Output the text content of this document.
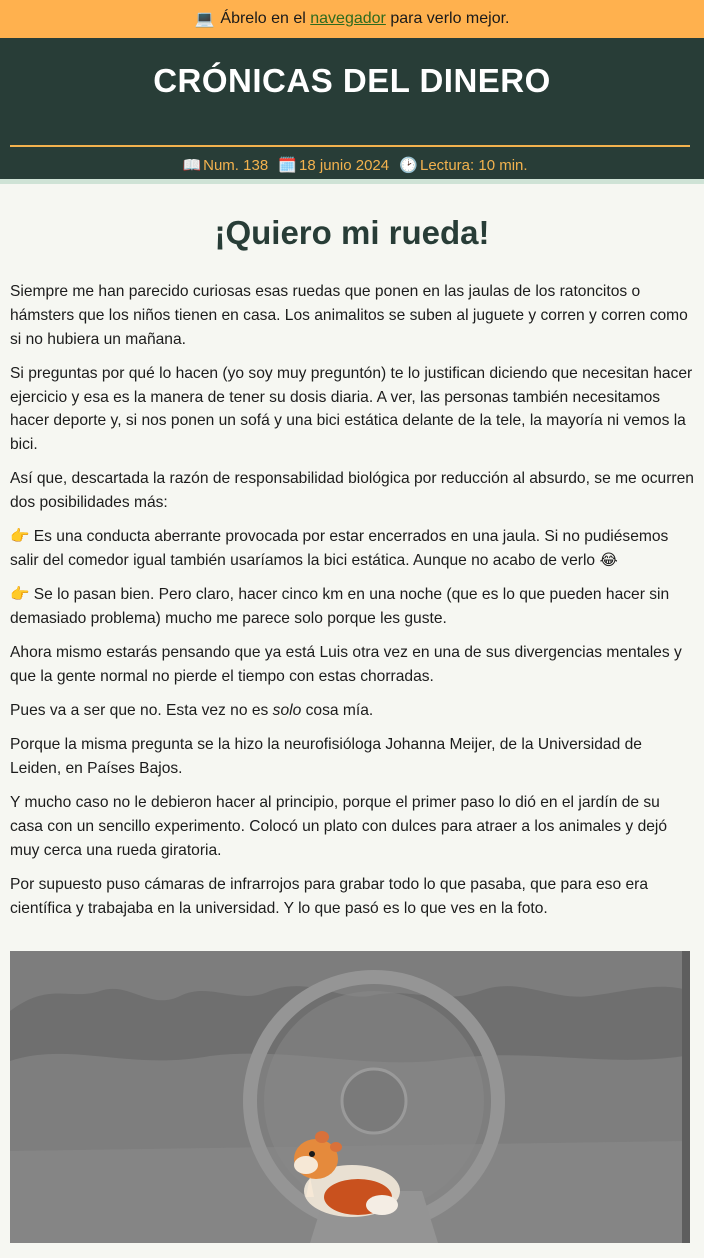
💻 Ábrelo en el
navegador
para verlo mejor.
CRÓNICAS DEL DINERO
📖 Num. 138 🗓️ 18 junio 2024 🕑 Lectura: 10 min.
¡Quiero mi rueda!

Siempre me han parecido curiosas esas ruedas que ponen en las jaulas de los ratoncitos o hámsters que los niños tienen en casa. Los animalitos se suben al juguete y corren y corren como si no hubiera un mañana.

Si preguntas por qué lo hacen (yo soy muy preguntón) te lo justifican diciendo que necesitan hacer ejercicio y esa es la manera de tener su dosis diaria. A ver, las personas también necesitamos hacer deporte y, si nos ponen un sofá y una bici estática delante de la tele, la mayoría ni vemos la bici.

Así que, descartada la razón de responsabilidad biológica por reducción al absurdo, se me ocurren dos posibilidades más:

👉 Es una conducta aberrante provocada por estar encerrados en una jaula. Si no pudiésemos salir del comedor igual también usaríamos la bici estática. Aunque no acabo de verlo 😂

👉 Se lo pasan bien. Pero claro, hacer cinco km en una noche (que es lo que pueden hacer sin demasiado problema) mucho me parece solo porque les guste.

Ahora mismo estarás pensando que ya está Luis otra vez en una de sus divergencias mentales y que la gente normal no pierde el tiempo con estas chorradas.

Pues va a ser que no. Esta vez no es solo cosa mía.

Porque la misma pregunta se la hizo la neurofisióloga Johanna Meijer, de la Universidad de Leiden, en Países Bajos.

Y mucho caso no le debieron hacer al principio, porque el primer paso lo dió en el jardín de su casa con un sencillo experimento. Colocó un plato con dulces para atraer a los animales y dejó muy cerca una rueda giratoria.

Por supuesto puso cámaras de infrarrojos para grabar todo lo que pasaba, que para eso era científica y trabajaba en la universidad. Y lo que pasó es lo que ves en la foto.
